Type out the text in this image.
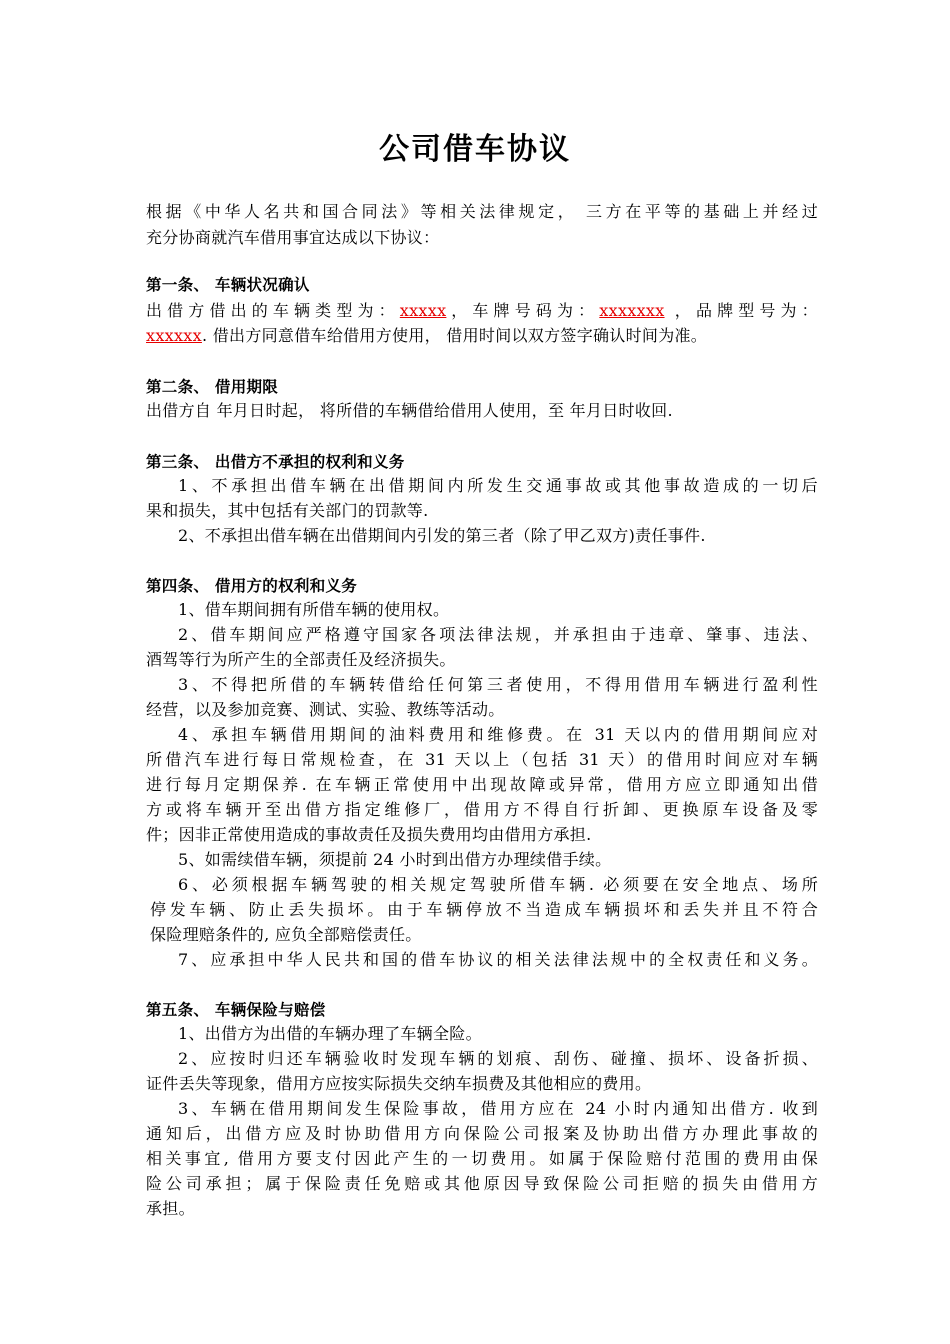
公司借车协议
根据《中华人名共和国合同法》等相关法律规定， 三方在平等的基础上并经过
充分协商就汽车借用事宜达成以下协议：
第一条、 车辆状况确认
出借方借出的车辆类型为：xxxxx，车牌号码为：xxxxxxx ，品牌型号为：
xxxxxx. 借出方同意借车给借用方使用， 借用时间以双方签字确认时间为准。
第二条、 借用期限
出借方自 年月日时起， 将所借的车辆借给借用人使用，至 年月日时收回.
第三条、 出借方不承担的权利和义务
1、不承担出借车辆在出借期间内所发生交通事故或其他事故造成的一切后
果和损失，其中包括有关部门的罚款等.
2、不承担出借车辆在出借期间内引发的第三者（除了甲乙双方)责任事件.
第四条、 借用方的权利和义务
1、借车期间拥有所借车辆的使用权。
2、借车期间应严格遵守国家各项法律法规，并承担由于违章、肇事、违法、
酒驾等行为所产生的全部责任及经济损失。
3、不得把所借的车辆转借给任何第三者使用，不得用借用车辆进行盈利性
经营，以及参加竞赛、测试、实验、教练等活动。
4、承担车辆借用期间的油料费用和维修费。在 31 天以内的借用期间应对
所借汽车进行每日常规检查，在 31 天以上（包括 31 天）的借用时间应对车辆
进行每月定期保养. 在车辆正常使用中出现故障或异常，借用方应立即通知出借
方或将车辆开至出借方指定维修厂，借用方不得自行折卸、更换原车设备及零
件；因非正常使用造成的事故责任及损失费用均由借用方承担.
5、如需续借车辆，须提前 24 小时到出借方办理续借手续。
6、必须根据车辆驾驶的相关规定驾驶所借车辆. 必须要在安全地点、场所
停发车辆、防止丢失损坏。由于车辆停放不当造成车辆损坏和丢失并且不符合
保险理赔条件的, 应负全部赔偿责任。
7、应承担中华人民共和国的借车协议的相关法律法规中的全权责任和义务。
第五条、 车辆保险与赔偿
1、出借方为出借的车辆办理了车辆全险。
2、应按时归还车辆验收时发现车辆的划痕、刮伤、碰撞、损坏、设备折损、
证件丢失等现象，借用方应按实际损失交纳车损费及其他相应的费用。
3、车辆在借用期间发生保险事故，借用方应在 24 小时内通知出借方. 收到
通知后，出借方应及时协助借用方向保险公司报案及协助出借方办理此事故的
相关事宜, 借用方要支付因此产生的一切费用。如属于保险赔付范围的费用由保
险公司承担；属于保险责任免赔或其他原因导致保险公司拒赔的损失由借用方
承担。
